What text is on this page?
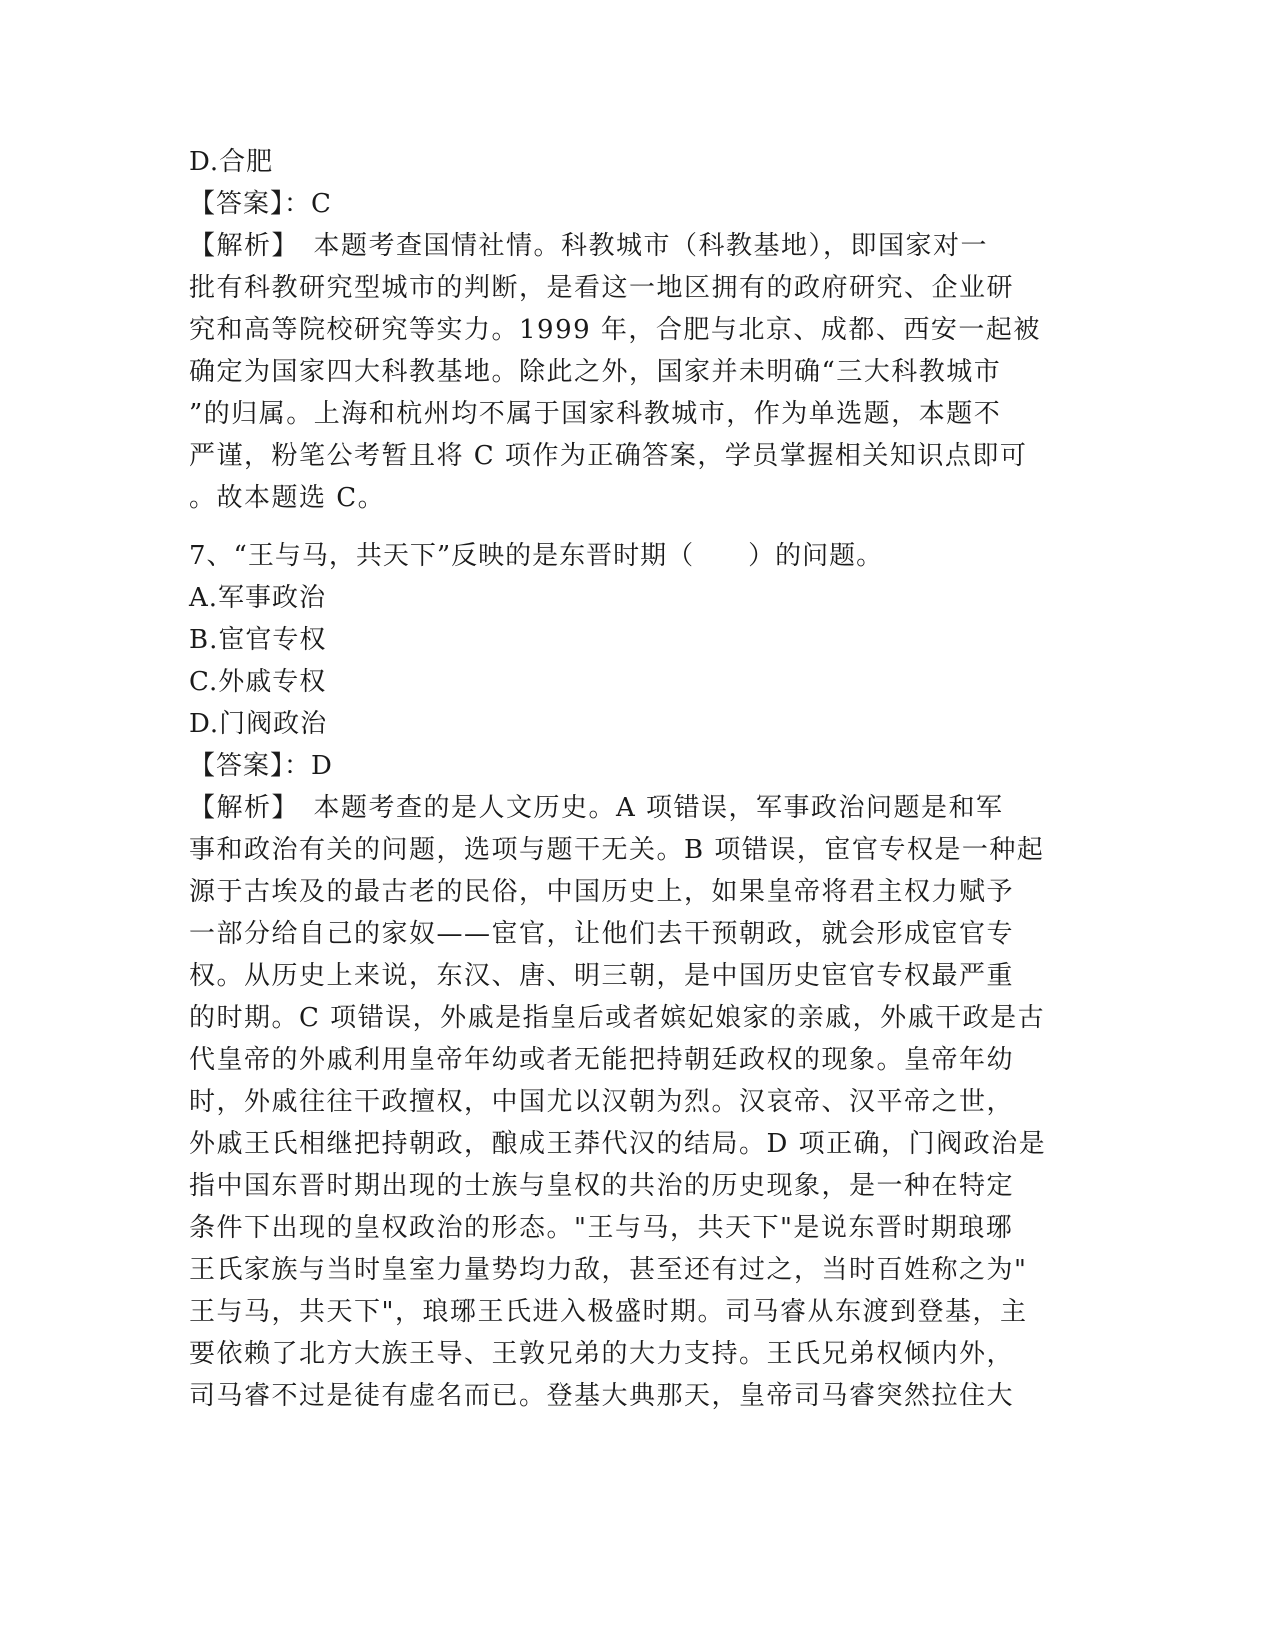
D.合肥
【答案】：C
【解析】　本题考查国情社情。科教城市（科教基地），即国家对一
批有科教研究型城市的判断，是看这一地区拥有的政府研究、企业研
究和高等院校研究等实力。1999 年，合肥与北京、成都、西安一起被
确定为国家四大科教基地。除此之外，国家并未明确“三大科教城市
”的归属。上海和杭州均不属于国家科教城市，作为单选题，本题不
严谨，粉笔公考暂且将 C 项作为正确答案，学员掌握相关知识点即可
。故本题选 C。
7、“王与马，共天下”反映的是东晋时期（　　）的问题。
A.军事政治
B.宦官专权
C.外戚专权
D.门阀政治
【答案】：D
【解析】　本题考查的是人文历史。A 项错误，军事政治问题是和军
事和政治有关的问题，选项与题干无关。B 项错误，宦官专权是一种起
源于古埃及的最古老的民俗，中国历史上，如果皇帝将君主权力赋予
一部分给自己的家奴——宦官，让他们去干预朝政，就会形成宦官专
权。从历史上来说，东汉、唐、明三朝，是中国历史宦官专权最严重
的时期。C 项错误，外戚是指皇后或者嫔妃娘家的亲戚，外戚干政是古
代皇帝的外戚利用皇帝年幼或者无能把持朝廷政权的现象。皇帝年幼
时，外戚往往干政擅权，中国尤以汉朝为烈。汉哀帝、汉平帝之世，
外戚王氏相继把持朝政，酿成王莽代汉的结局。D 项正确，门阀政治是
指中国东晋时期出现的士族与皇权的共治的历史现象，是一种在特定
条件下出现的皇权政治的形态。"王与马，共天下"是说东晋时期琅琊
王氏家族与当时皇室力量势均力敌，甚至还有过之，当时百姓称之为"
王与马，共天下"，琅琊王氏进入极盛时期。司马睿从东渡到登基，主
要依赖了北方大族王导、王敦兄弟的大力支持。王氏兄弟权倾内外，
司马睿不过是徒有虚名而已。登基大典那天，皇帝司马睿突然拉住大
